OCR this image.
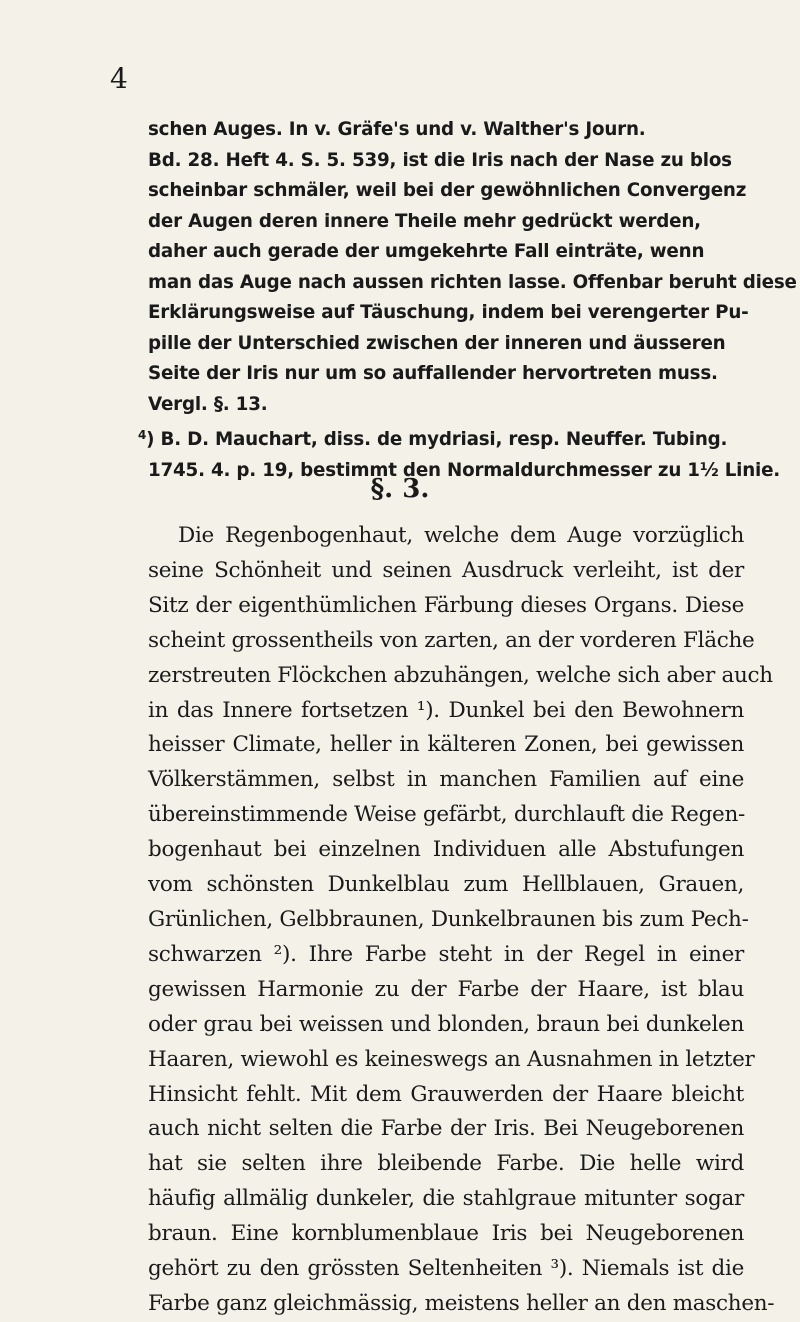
4
schen Auges. In v. Gräfe's und v. Walther's Journ.
Bd. 28. Heft 4. S. 5. 539, ist die Iris nach der Nase zu blos
scheinbar schmäler, weil bei der gewöhnlichen Convergenz
der Augen deren innere Theile mehr gedrückt werden,
daher auch gerade der umgekehrte Fall einträte, wenn
man das Auge nach aussen richten lasse. Offenbar beruht diese
Erklärungsweise auf Täuschung, indem bei verengerter Pu-
pille der Unterschied zwischen der inneren und äusseren
Seite der Iris nur um so auffallender hervortreten muss.
Vergl. §. 13.
$^4$) B. D. Mauchart, diss. de mydriasi, resp. Neuffer. Tubing.
1745. 4. p. 19, bestimmt den Normaldurchmesser zu 1½ Linie.
§. 3.
Die Regenbogenhaut, welche dem Auge vorzüglich
seine Schönheit und seinen Ausdruck verleiht, ist der
Sitz der eigenthümlichen Färbung dieses Organs. Diese
scheint grossentheils von zarten, an der vorderen Fläche
zerstreuten Flöckchen abzuhängen, welche sich aber auch
in das Innere fortsetzen ¹). Dunkel bei den Bewohnern
heisser Climate, heller in kälteren Zonen, bei gewissen
Völkerstämmen, selbst in manchen Familien auf eine
übereinstimmende Weise gefärbt, durchlauft die Regen-
bogenhaut bei einzelnen Individuen alle Abstufungen
vom schönsten Dunkelblau zum Hellblauen, Grauen,
Grünlichen, Gelbbraunen, Dunkelbraunen bis zum Pech-
schwarzen ²). Ihre Farbe steht in der Regel in einer
gewissen Harmonie zu der Farbe der Haare, ist blau
oder grau bei weissen und blonden, braun bei dunkelen
Haaren, wiewohl es keineswegs an Ausnahmen in letzter
Hinsicht fehlt. Mit dem Grauwerden der Haare bleicht
auch nicht selten die Farbe der Iris. Bei Neugeborenen
hat sie selten ihre bleibende Farbe. Die helle wird
häufig allmälig dunkeler, die stahlgraue mitunter sogar
braun. Eine kornblumenblaue Iris bei Neugeborenen
gehört zu den grössten Seltenheiten ³). Niemals ist die
Farbe ganz gleichmässig, meistens heller an den maschen-
